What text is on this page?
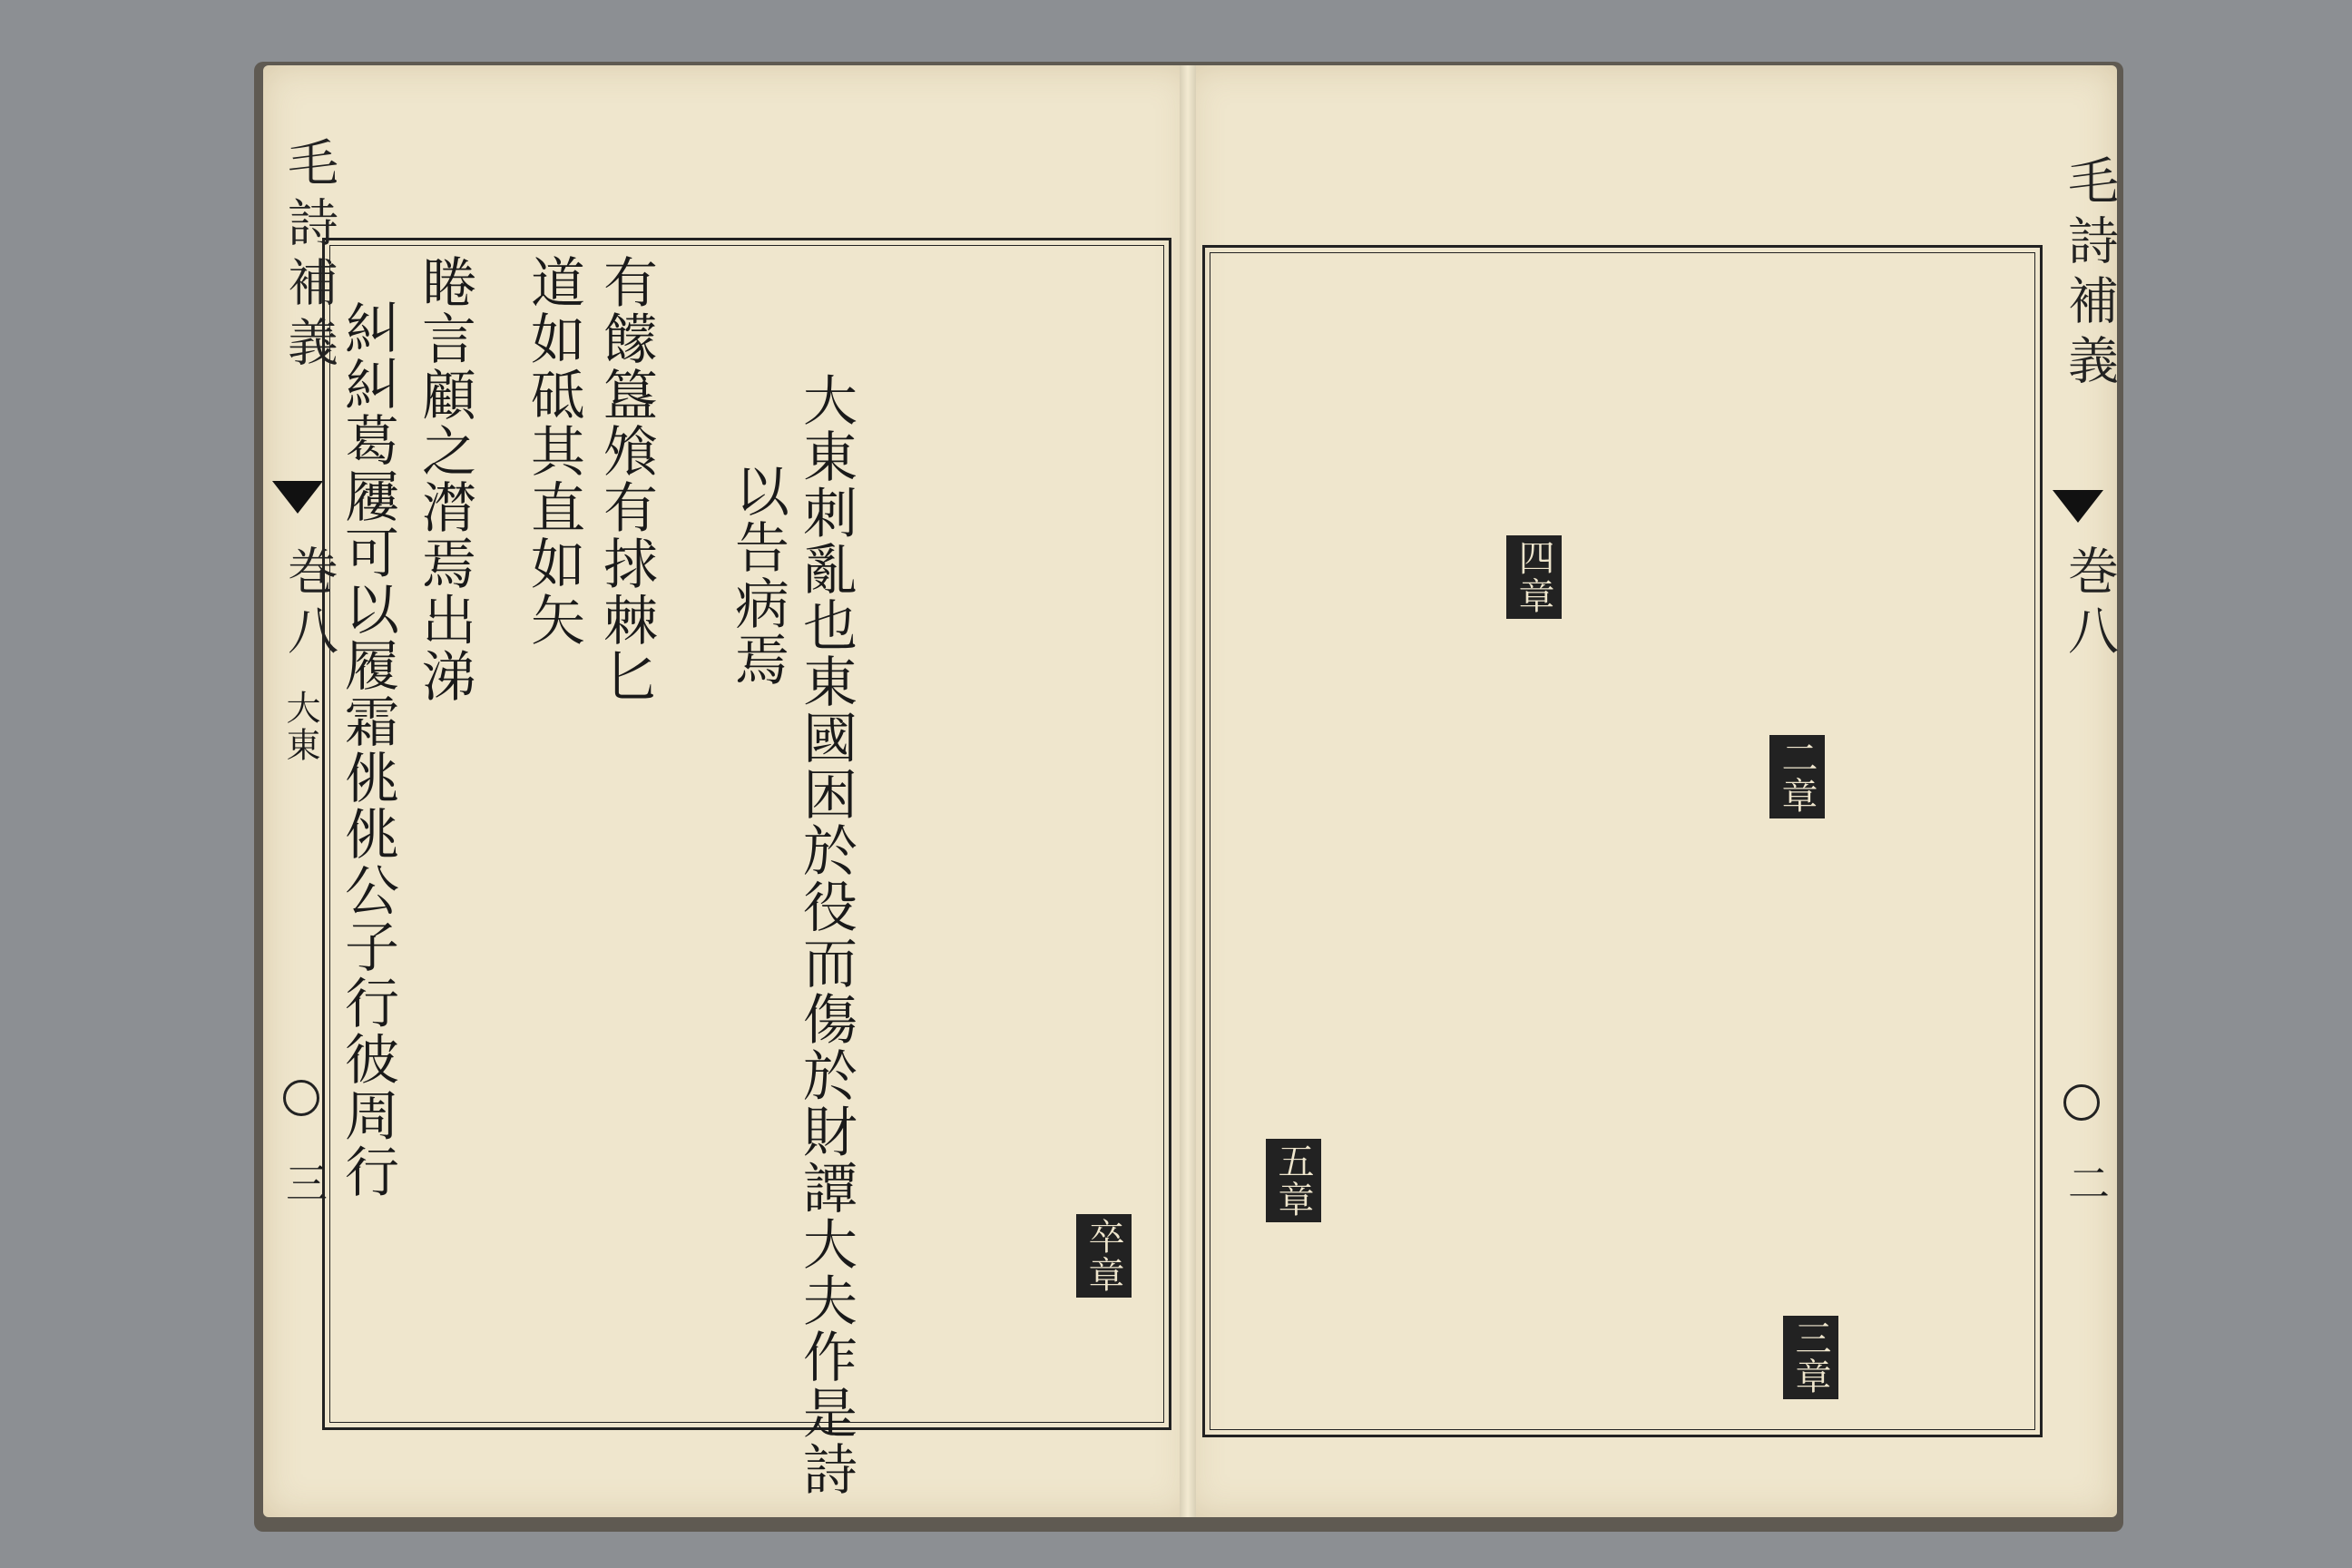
毛詩補義
巻八
大東
三	大東刺亂也東國困於役而傷於財譚大夫作是詩
以告病焉
有饛簋飧有捄棘匕
道如砥其直如矢
睠言顧之潸焉出涕
糾糾葛屨可以履霜佻佻公子行彼周行
毛詩補義
巻八
二
卒章
二章
三章
四章
五章
